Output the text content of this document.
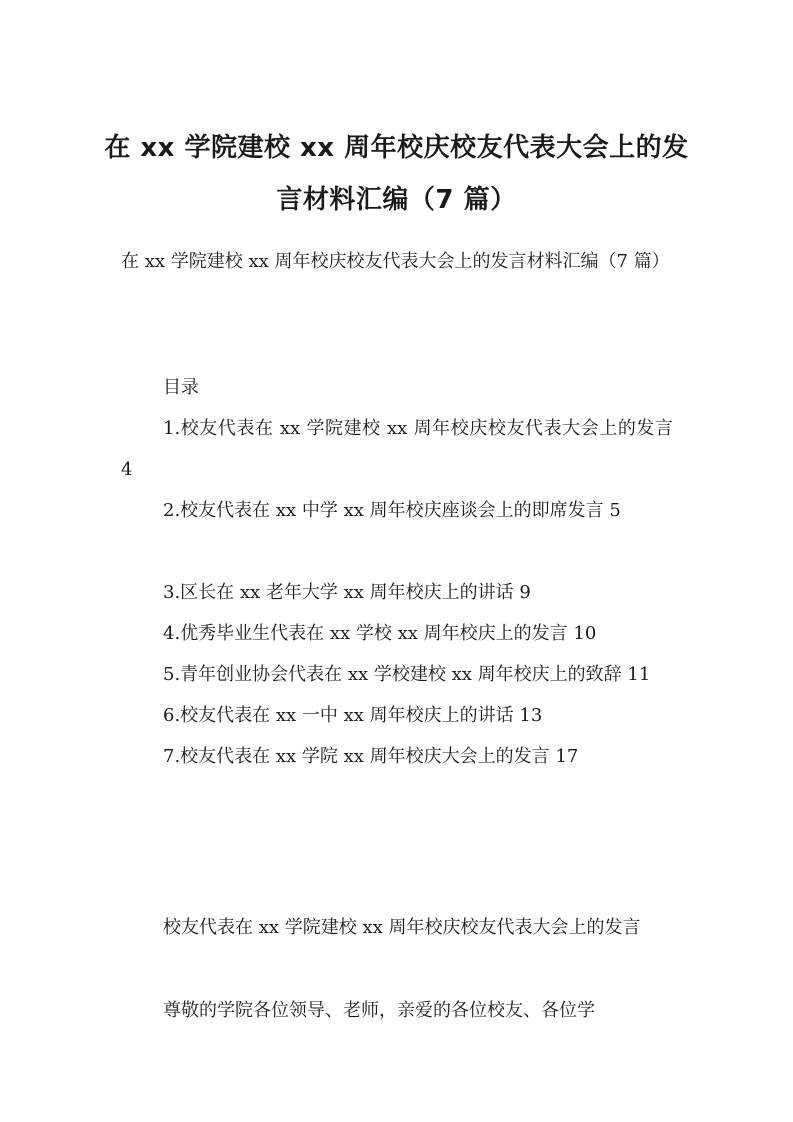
在 xx 学院建校 xx 周年校庆校友代表大会上的发言材料汇编（7 篇）

在 xx 学院建校 xx 周年校庆校友代表大会上的发言材料汇编（7 篇）

目录

1.校友代表在 xx 学院建校 xx 周年校庆校友代表大会上的发言 4
2.校友代表在 xx 中学 xx 周年校庆座谈会上的即席发言 5
3.区长在 xx 老年大学 xx 周年校庆上的讲话 9
4.优秀毕业生代表在 xx 学校 xx 周年校庆上的发言 10
5.青年创业协会代表在 xx 学校建校 xx 周年校庆上的致辞 11
6.校友代表在 xx 一中 xx 周年校庆上的讲话 13
7.校友代表在 xx 学院 xx 周年校庆大会上的发言 17

校友代表在 xx 学院建校 xx 周年校庆校友代表大会上的发言

尊敬的学院各位领导、老师，亲爱的各位校友、各位学
